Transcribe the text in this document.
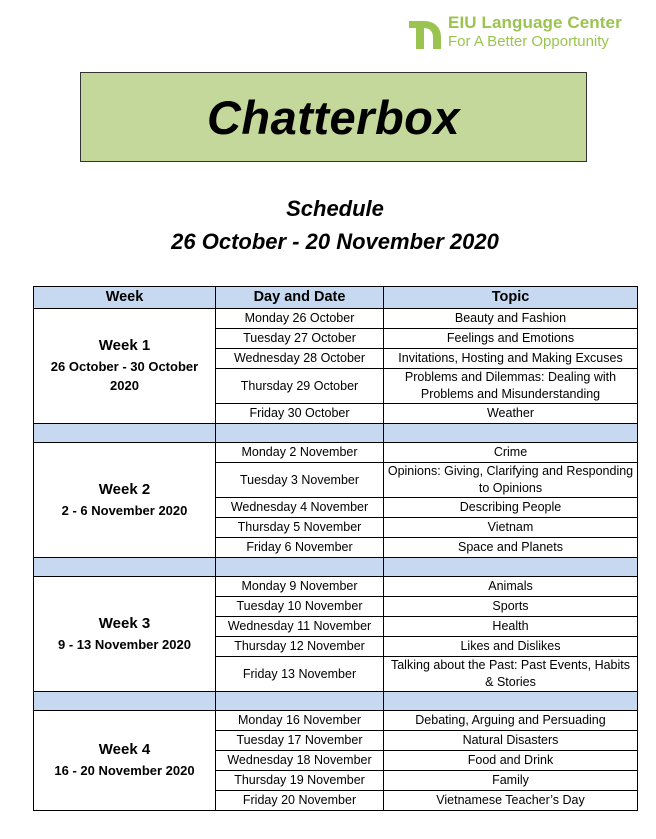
EIU Language Center
For A Better Opportunity
Chatterbox
Schedule
26 October - 20 November 2020
Week	Day and Date	Topic

Week 1
26 October - 30 October 2020	Monday 26 October	Beauty and Fashion
	Tuesday 27 October	Feelings and Emotions
	Wednesday 28 October	Invitations, Hosting and Making Excuses
	Thursday 29 October	Problems and Dilemmas: Dealing with Problems and Misunderstanding
	Friday 30 October	Weather

Week 2
2 - 6 November 2020	Monday 2 November	Crime
	Tuesday 3 November	Opinions: Giving, Clarifying and Responding to Opinions
	Wednesday 4 November	Describing People
	Thursday 5 November	Vietnam
	Friday 6 November	Space and Planets

Week 3
9 - 13 November 2020	Monday 9 November	Animals
	Tuesday 10 November	Sports
	Wednesday 11 November	Health
	Thursday 12 November	Likes and Dislikes
	Friday 13 November	Talking about the Past: Past Events, Habits & Stories

Week 4
16 - 20 November 2020	Monday 16 November	Debating, Arguing and Persuading
	Tuesday 17 November	Natural Disasters
	Wednesday 18 November	Food and Drink
	Thursday 19 November	Family
	Friday 20 November	Vietnamese Teacher’s Day
